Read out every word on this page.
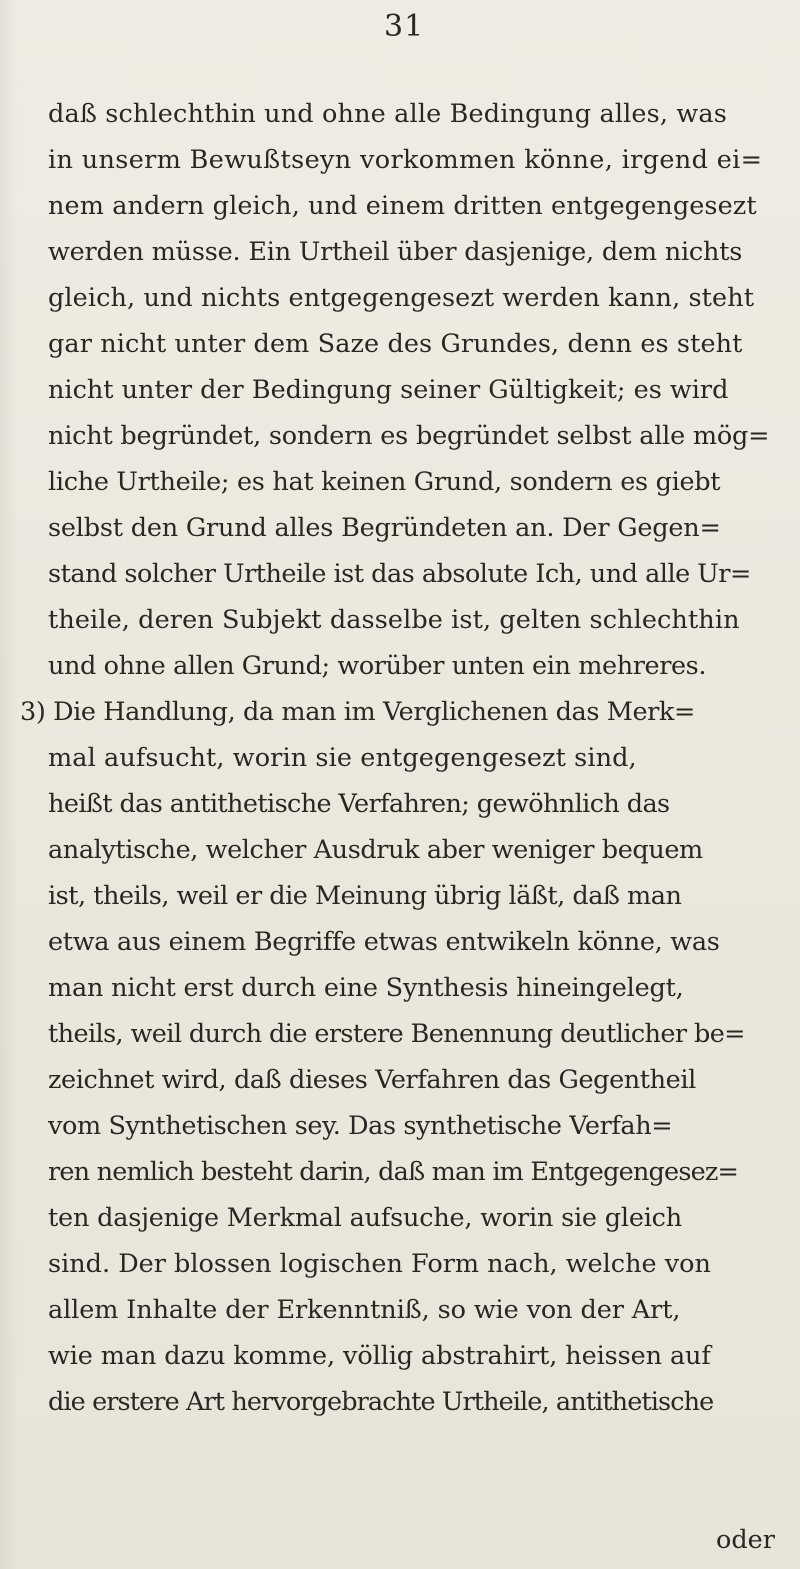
31
daß schlechthin und ohne alle Bedingung alles, was
in unserm Bewußtseyn vorkommen könne, irgend ei=
nem andern gleich, und einem dritten entgegengesezt
werden müsse. Ein Urtheil über dasjenige, dem nichts
gleich, und nichts entgegengesezt werden kann, steht
gar nicht unter dem Saze des Grundes, denn es steht
nicht unter der Bedingung seiner Gültigkeit; es wird
nicht begründet, sondern es begründet selbst alle mög=
liche Urtheile; es hat keinen Grund, sondern es giebt
selbst den Grund alles Begründeten an. Der Gegen=
stand solcher Urtheile ist das absolute Ich, und alle Ur=
theile, deren Subjekt dasselbe ist, gelten schlechthin
und ohne allen Grund; worüber unten ein mehreres.
3) Die Handlung, da man im Verglichenen das Merk=
mal aufsucht, worin sie entgegengesezt sind,
heißt das antithetische Verfahren; gewöhnlich das
analytische, welcher Ausdruk aber weniger bequem
ist, theils, weil er die Meinung übrig läßt, daß man
etwa aus einem Begriffe etwas entwikeln könne, was
man nicht erst durch eine Synthesis hineingelegt,
theils, weil durch die erstere Benennung deutlicher be=
zeichnet wird, daß dieses Verfahren das Gegentheil
vom Synthetischen sey. Das synthetische Verfah=
ren nemlich besteht darin, daß man im Entgegengesez=
ten dasjenige Merkmal aufsuche, worin sie gleich
sind. Der blossen logischen Form nach, welche von
allem Inhalte der Erkenntniß, so wie von der Art,
wie man dazu komme, völlig abstrahirt, heissen auf
die erstere Art hervorgebrachte Urtheile, antithetische
oder
